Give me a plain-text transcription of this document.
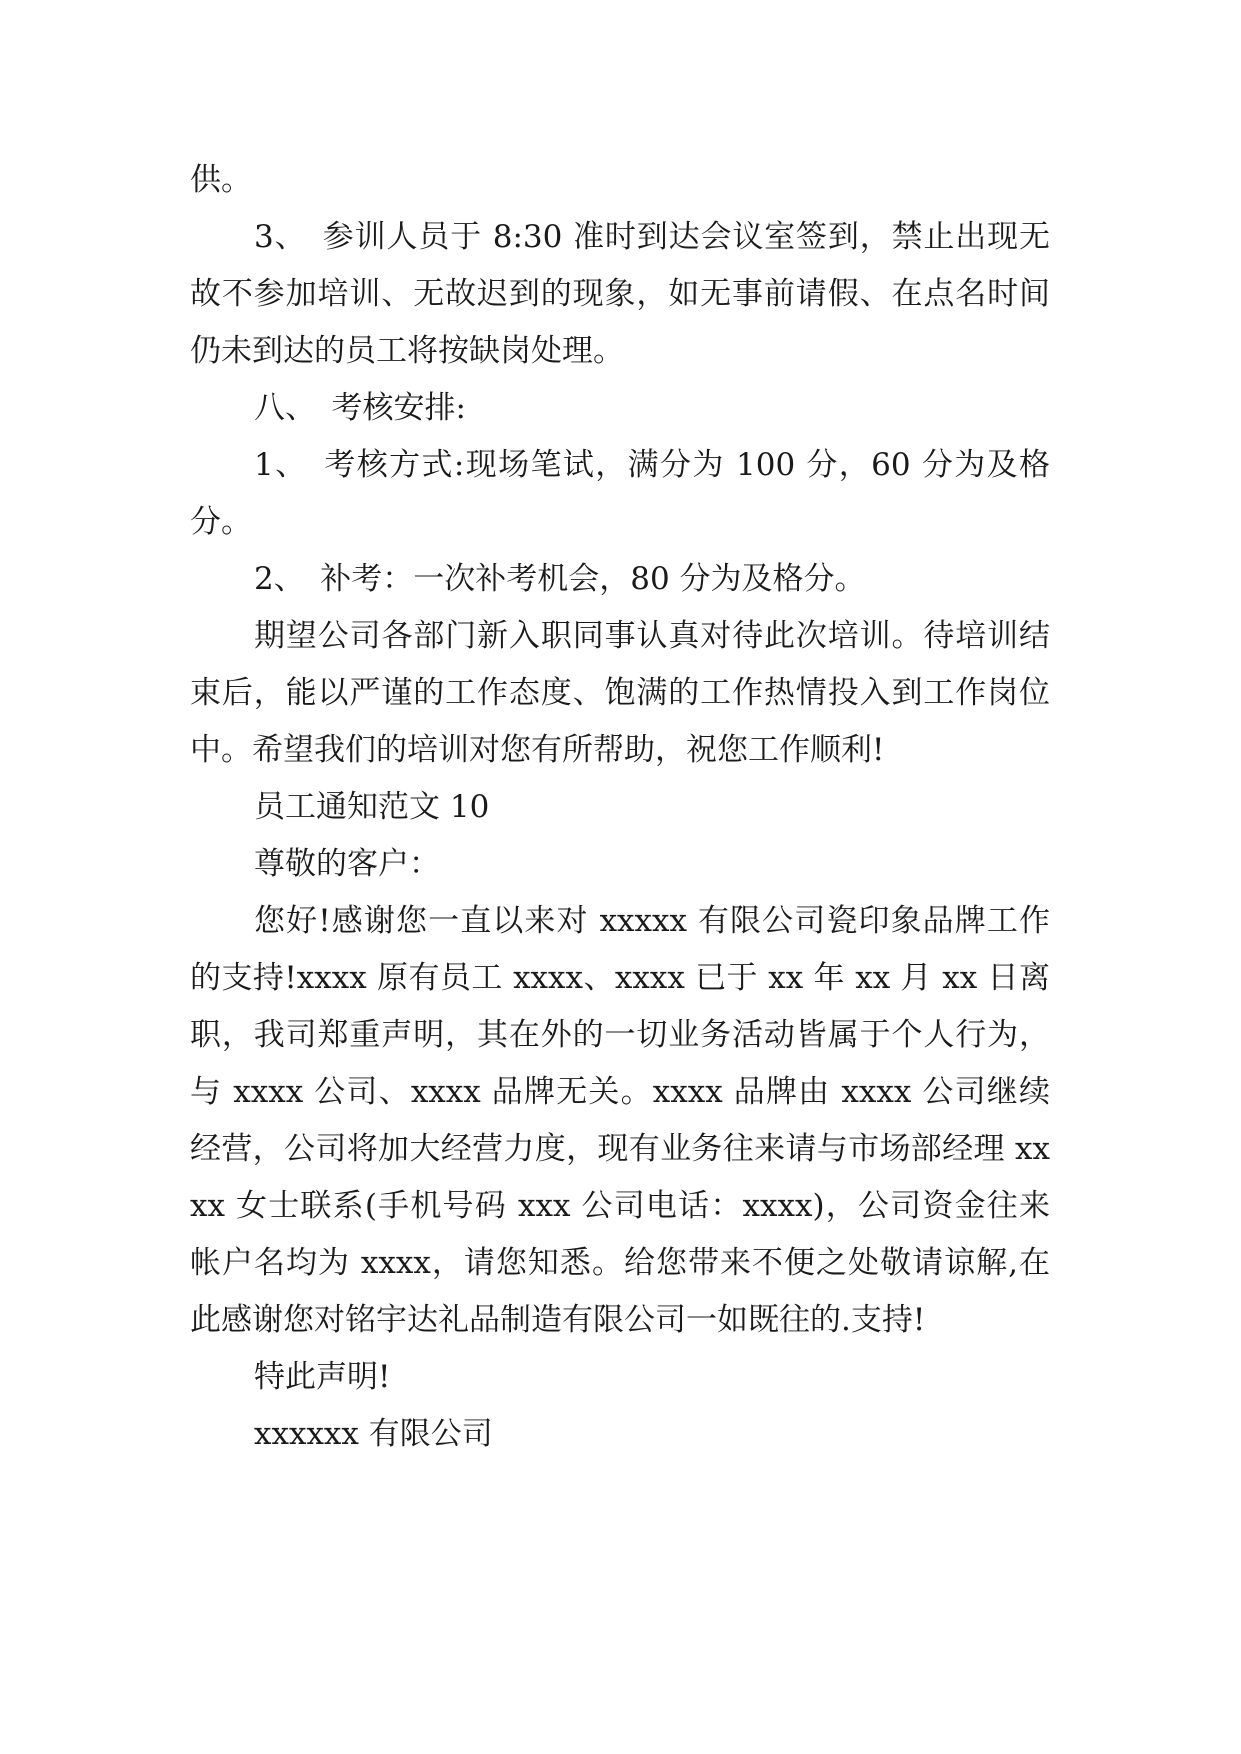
供。

3、　参训人员于 8:30 准时到达会议室签到，禁止出现无故不参加培训、无故迟到的现象，如无事前请假、在点名时间仍未到达的员工将按缺岗处理。

八、　考核安排:

1、　考核方式:现场笔试，满分为 100 分，60 分为及格分。

2、　补考：一次补考机会，80 分为及格分。

期望公司各部门新入职同事认真对待此次培训。待培训结束后，能以严谨的工作态度、饱满的工作热情投入到工作岗位中。希望我们的培训对您有所帮助，祝您工作顺利!

员工通知范文 10

尊敬的客户：

您好!感谢您一直以来对 xxxxx 有限公司瓷印象品牌工作的支持!xxxx 原有员工 xxxx、xxxx 已于 xx 年 xx 月 xx 日离职，我司郑重声明，其在外的一切业务活动皆属于个人行为，与 xxxx 公司、xxxx 品牌无关。xxxx 品牌由 xxxx 公司继续经营，公司将加大经营力度，现有业务往来请与市场部经理 xxxx 女士联系(手机号码 xxx 公司电话：xxxx)，公司资金往来帐户名均为 xxxx，请您知悉。给您带来不便之处敬请谅解,在此感谢您对铭宇达礼品制造有限公司一如既往的.支持!

特此声明!

xxxxxx 有限公司
